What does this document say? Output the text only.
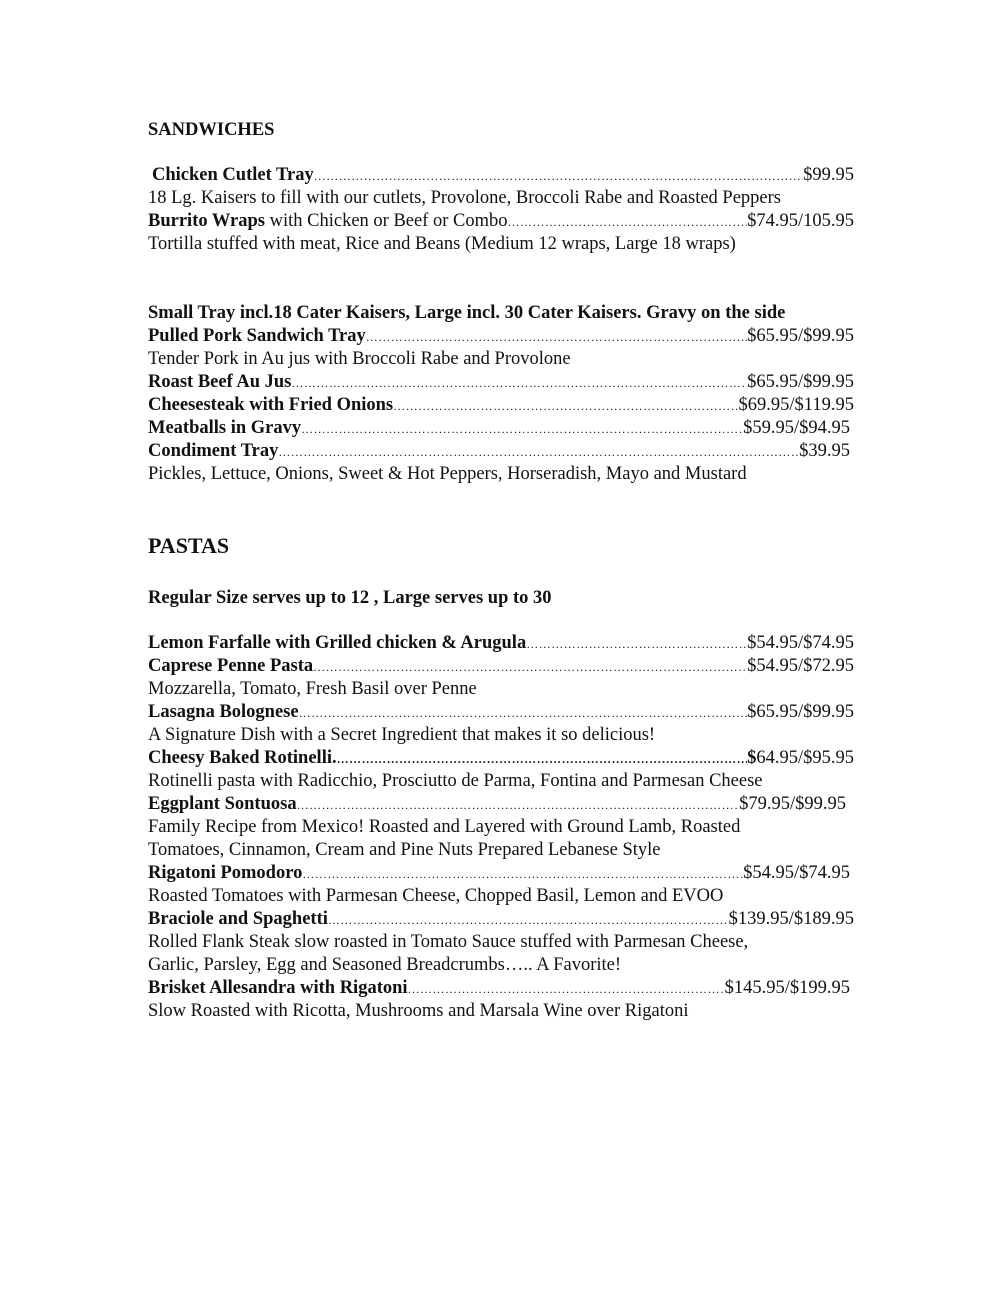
SANDWICHES
Chicken Cutlet Tray …………………………………………………………………………………………………………………………………………………………………………………………………	$99.95
18 Lg. Kaisers to fill with our cutlets, Provolone, Broccoli Rabe and Roasted Peppers
Burrito Wraps with Chicken or Beef or Combo …………………………………………………………………………………………………………………………………………………………………………………………………	$74.95/105.95
Tortilla stuffed with meat, Rice and Beans (Medium 12 wraps, Large 18 wraps)
Small Tray incl.18 Cater Kaisers, Large incl. 30 Cater Kaisers. Gravy on the side
Pulled Pork Sandwich Tray …………………………………………………………………………………………………………………………………………………………………………………………………	$65.95/$99.95
Tender Pork in Au jus with Broccoli Rabe and Provolone
Roast Beef Au Jus …………………………………………………………………………………………………………………………………………………………………………………………………	$65.95/$99.95
Cheesesteak with Fried Onions …………………………………………………………………………………………………………………………………………………………………………………………………	$69.95/$119.95
Meatballs in Gravy …………………………………………………………………………………………………………………………………………………………………………………………………	$59.95/$94.95
Condiment Tray …………………………………………………………………………………………………………………………………………………………………………………………………	$39.95
Pickles, Lettuce, Onions, Sweet & Hot Peppers, Horseradish, Mayo and Mustard
PASTAS
Regular Size serves up to 12 , Large serves up to 30
Lemon Farfalle with Grilled chicken & Arugula …………………………………………………………………………………………………………………………………………………………………………………………………	$54.95/$74.95
Caprese Penne Pasta …………………………………………………………………………………………………………………………………………………………………………………………………	$54.95/$72.95
Mozzarella, Tomato, Fresh Basil over Penne
Lasagna Bolognese …………………………………………………………………………………………………………………………………………………………………………………………………	$65.95/$99.95
A Signature Dish with a Secret Ingredient that makes it so delicious!
Cheesy Baked Rotinelli. …………………………………………………………………………………………………………………………………………………………………………………………………	$64.95/$95.95
Rotinelli pasta with Radicchio, Prosciutto de Parma, Fontina and Parmesan Cheese
Eggplant Sontuosa …………………………………………………………………………………………………………………………………………………………………………………………………	$79.95/$99.95
Family Recipe from Mexico! Roasted and Layered with Ground Lamb, Roasted
Tomatoes, Cinnamon, Cream and Pine Nuts Prepared Lebanese Style
Rigatoni Pomodoro …………………………………………………………………………………………………………………………………………………………………………………………………	$54.95/$74.95
Roasted Tomatoes with Parmesan Cheese, Chopped Basil, Lemon and EVOO
Braciole and Spaghetti …………………………………………………………………………………………………………………………………………………………………………………………………	$139.95/$189.95
Rolled Flank Steak slow roasted in Tomato Sauce stuffed with Parmesan Cheese,
Garlic, Parsley, Egg and Seasoned Breadcrumbs….. A Favorite!
Brisket Allesandra with Rigatoni …………………………………………………………………………………………………………………………………………………………………………………………………	$145.95/$199.95
Slow Roasted with Ricotta, Mushrooms and Marsala Wine over Rigatoni
